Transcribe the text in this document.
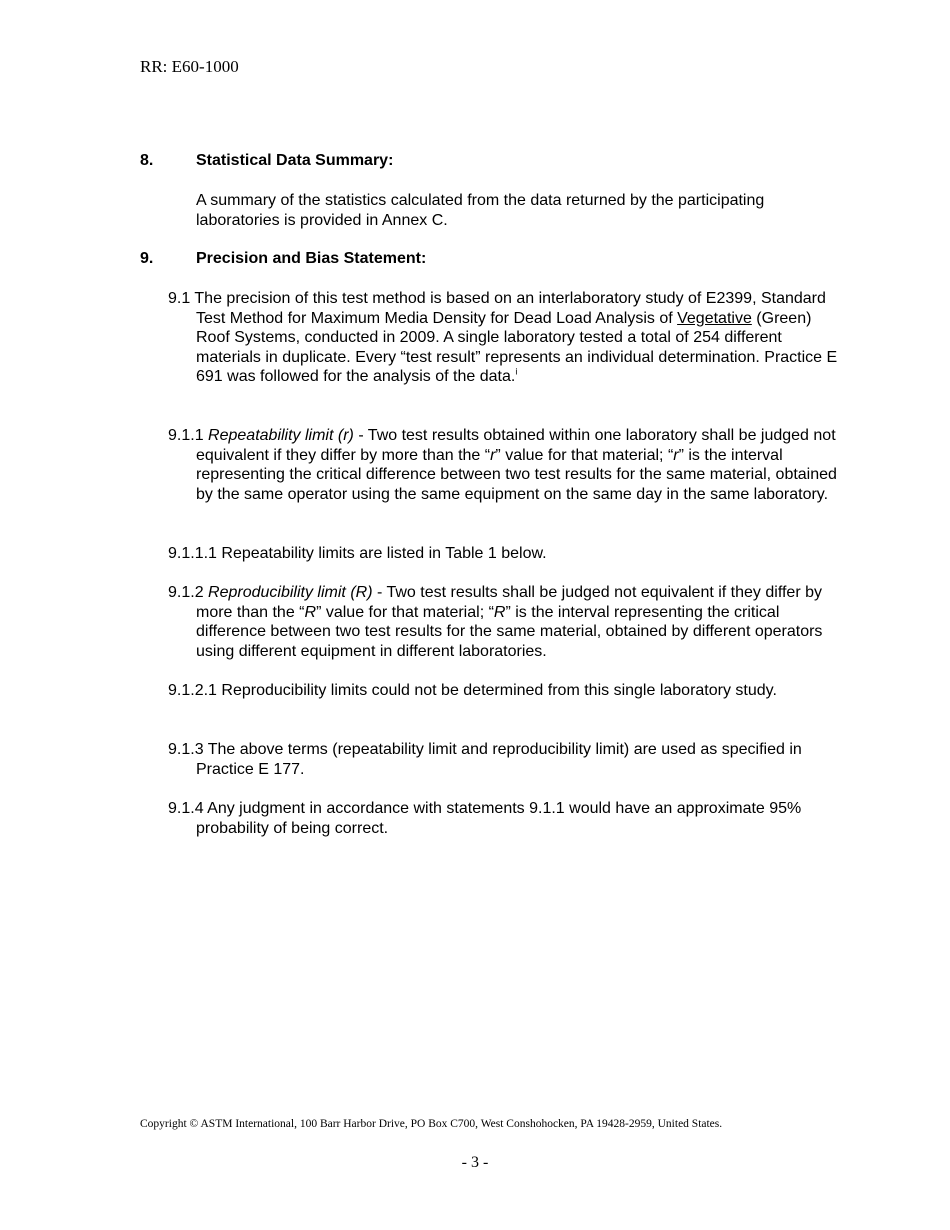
RR: E60-1000
8.	Statistical Data Summary:
A summary of the statistics calculated from the data returned by the participating laboratories is provided in Annex C.
9.	Precision and Bias Statement:
9.1 The precision of this test method is based on an interlaboratory study of E2399, Standard Test Method for Maximum Media Density for Dead Load Analysis of Vegetative (Green) Roof Systems, conducted in 2009. A single laboratory tested a total of 254 different materials in duplicate. Every “test result” represents an individual determination. Practice E 691 was followed for the analysis of the data.$^i$
9.1.1 Repeatability limit (r) - Two test results obtained within one laboratory shall be judged not equivalent if they differ by more than the “r” value for that material; “r” is the interval representing the critical difference between two test results for the same material, obtained by the same operator using the same equipment on the same day in the same laboratory.
9.1.1.1 Repeatability limits are listed in Table 1 below.
9.1.2 Reproducibility limit (R) - Two test results shall be judged not equivalent if they differ by more than the “R” value for that material; “R” is the interval representing the critical difference between two test results for the same material, obtained by different operators using different equipment in different laboratories.
9.1.2.1 Reproducibility limits could not be determined from this single laboratory study.
9.1.3 The above terms (repeatability limit and reproducibility limit) are used as specified in Practice E 177.
9.1.4 Any judgment in accordance with statements 9.1.1 would have an approximate 95% probability of being correct.
Copyright © ASTM International, 100 Barr Harbor Drive, PO Box C700, West Conshohocken, PA 19428-2959, United States.
- 3 -
